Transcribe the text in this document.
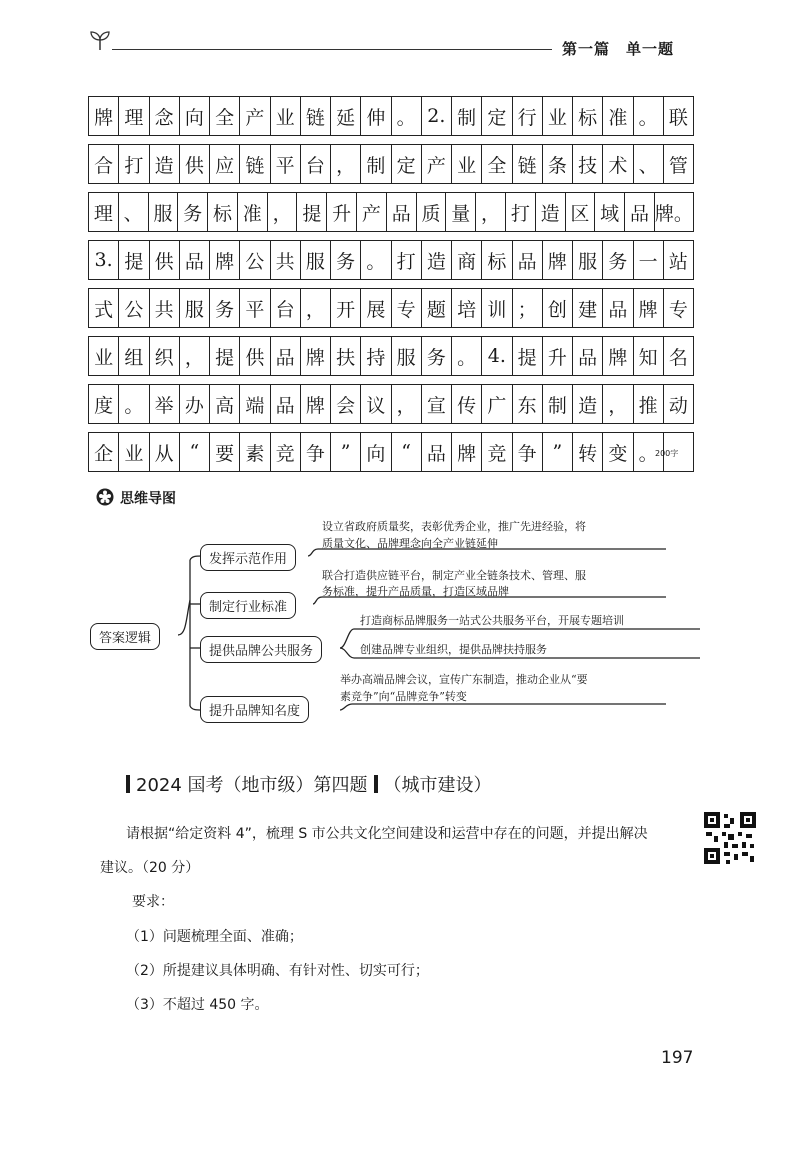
第一篇　单一题
牌 理 念 向 全 产 业 链 延 伸 。 2. 制 定 行 业 标 准 。 联
合 打 造 供 应 链 平 台 ， 制 定 产 业 全 链 条 技 术 、 管
理 、 服 务 标 准 ， 提 升 产 品 质 量 ， 打 造 区 域 品 牌。
3. 提 供 品 牌 公 共 服 务 。 打 造 商 标 品 牌 服 务 一 站
式 公 共 服 务 平 台 ， 开 展 专 题 培 训 ； 创 建 品 牌 专
业 组 织 ， 提 供 品 牌 扶 持 服 务 。 4. 提 升 品 牌 知 名
度 。 举 办 高 端 品 牌 会 议 ， 宣 传 广 东 制 造 ， 推 动
企 业 从 “ 要 素 竞 争 ” 向 “ 品 牌 竞 争 ” 转 变 。
200字
思维导图
答案逻辑
发挥示范作用
制定行业标准
提供品牌公共服务
提升品牌知名度
设立省政府质量奖，表彰优秀企业，推广先进经验，将
质量文化、品牌理念向全产业链延伸
联合打造供应链平台，制定产业全链条技术、管理、服
务标准，提升产品质量，打造区域品牌
打造商标品牌服务一站式公共服务平台，开展专题培训
创建品牌专业组织，提供品牌扶持服务
举办高端品牌会议，宣传广东制造，推动企业从“要
素竞争”向“品牌竞争”转变
2024 国考（地市级）第四题 （城市建设）
请根据“给定资料 4”，梳理 S 市公共文化空间建设和运营中存在的问题，并提出解决
建议。（20 分）
要求：
（1）问题梳理全面、准确；
（2）所提建议具体明确、有针对性、切实可行；
（3）不超过 450 字。
197
